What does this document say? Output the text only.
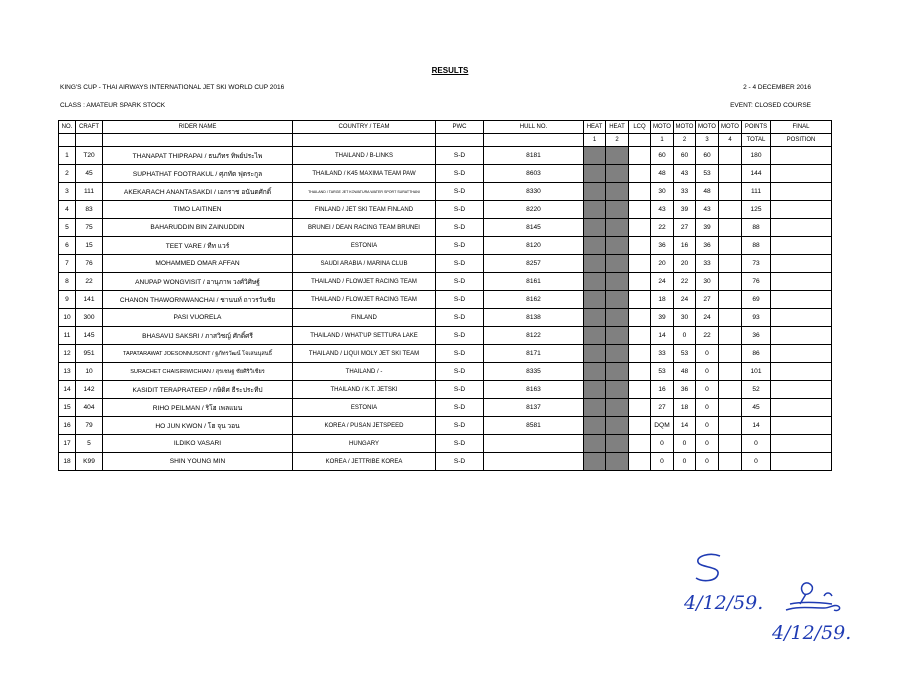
RESULTS
KING'S CUP - THAI AIRWAYS INTERNATIONAL JET SKI WORLD CUP 2016	2 - 4 DECEMBER 2016
CLASS : AMATEUR SPARK STOCK	EVENT: CLOSED COURSE
NO.	CRAFT	RIDER NAME	COUNTRY / TEAM	PWC	HULL NO.	HEAT	HEAT	LCQ	MOTO	MOTO	MOTO	MOTO	POINTS	FINAL
						1	2		1	2	3	4	TOTAL	POSITION
1	T20	THANAPAT THIPRAPAI / ธนภัทร ทิพย์ประไพ	THAILAND / B-LINKS	S-D	8181				60	60	60		180	
2	45	SUPHATHAT FOOTRAKUL / ศุภทัต ฟุตระกูล	THAILAND / K45 MAXIMA TEAM PAW	S-D	8603				48	43	53		144	
3	111	AKEKARACH ANANTASAKDI / เอกราช อนันตศักดิ์	THAILAND / TARGE JET KOWATURA WATER SPORT SURATTHANI	S-D	8330				30	33	48		111	
4	83	TIMO LAITINEN	FINLAND / JET SKI TEAM FINLAND	S-D	8220				43	39	43		125	
5	75	BAHARUDDIN BIN ZAINUDDIN	BRUNEI / DEAN RACING TEAM BRUNEI	S-D	8145				22	27	39		88	
6	15	TEET VARE / ทีท แวร์	ESTONIA	S-D	8120				36	16	36		88	
7	76	MOHAMMED OMAR AFFAN	SAUDI ARABIA / MARINA CLUB	S-D	8257				20	20	33		73	
8	22	ANUPAP WONGVISIT / อานุภาพ วงศ์วิศิษฐ์	THAILAND / FLOWJET RACING TEAM	S-D	8161				24	22	30		76	
9	141	CHANON THAWORNWANCHAI / ชานนท์ ถาวรวันชัย	THAILAND / FLOWJET RACING TEAM	S-D	8162				18	24	27		69	
10	300	PASI VUORELA	FINLAND	S-D	8138				39	30	24		93	
11	145	BHASAVIJ SAKSRI / ภาสวิชญ์ ศักดิ์ศรี	THAILAND / WHAT'UP SETTURA LAKE	S-D	8122				14	0	22		36	
12	951	TAPATARAWAT JOESONNUSONT / ฐภัทรวัฒน์ โจเสนนุสนธิ์	THAILAND / LIQUI MOLY JET SKI TEAM	S-D	8171				33	53	0		86	
13	10	SURACHET CHAISIRIWICHIAN / สุรเชษฐ ชัยศิริวิเชียร	THAILAND / -	S-D	8335				53	48	0		101	
14	142	KASIDIT TERAPRATEEP / กษิดิศ ธีระประทีป	THAILAND / K.T. JETSKI	S-D	8163				16	36	0		52	
15	404	RIHO PEILMAN / ริโฮ เพลแมน	ESTONIA	S-D	8137				27	18	0		45	
16	79	HO JUN KWON / โฮ จุน วอน	KOREA / PUSAN JETSPEED	S-D	8581				DQM	14	0		14	
17	5	ILDIKO VASARI	HUNGARY	S-D					0	0	0		0	
18	K99	SHIN YOUNG MIN	KOREA / JETTRIBE KOREA	S-D					0	0	0		0	
4/12/59.
4/12/59.
